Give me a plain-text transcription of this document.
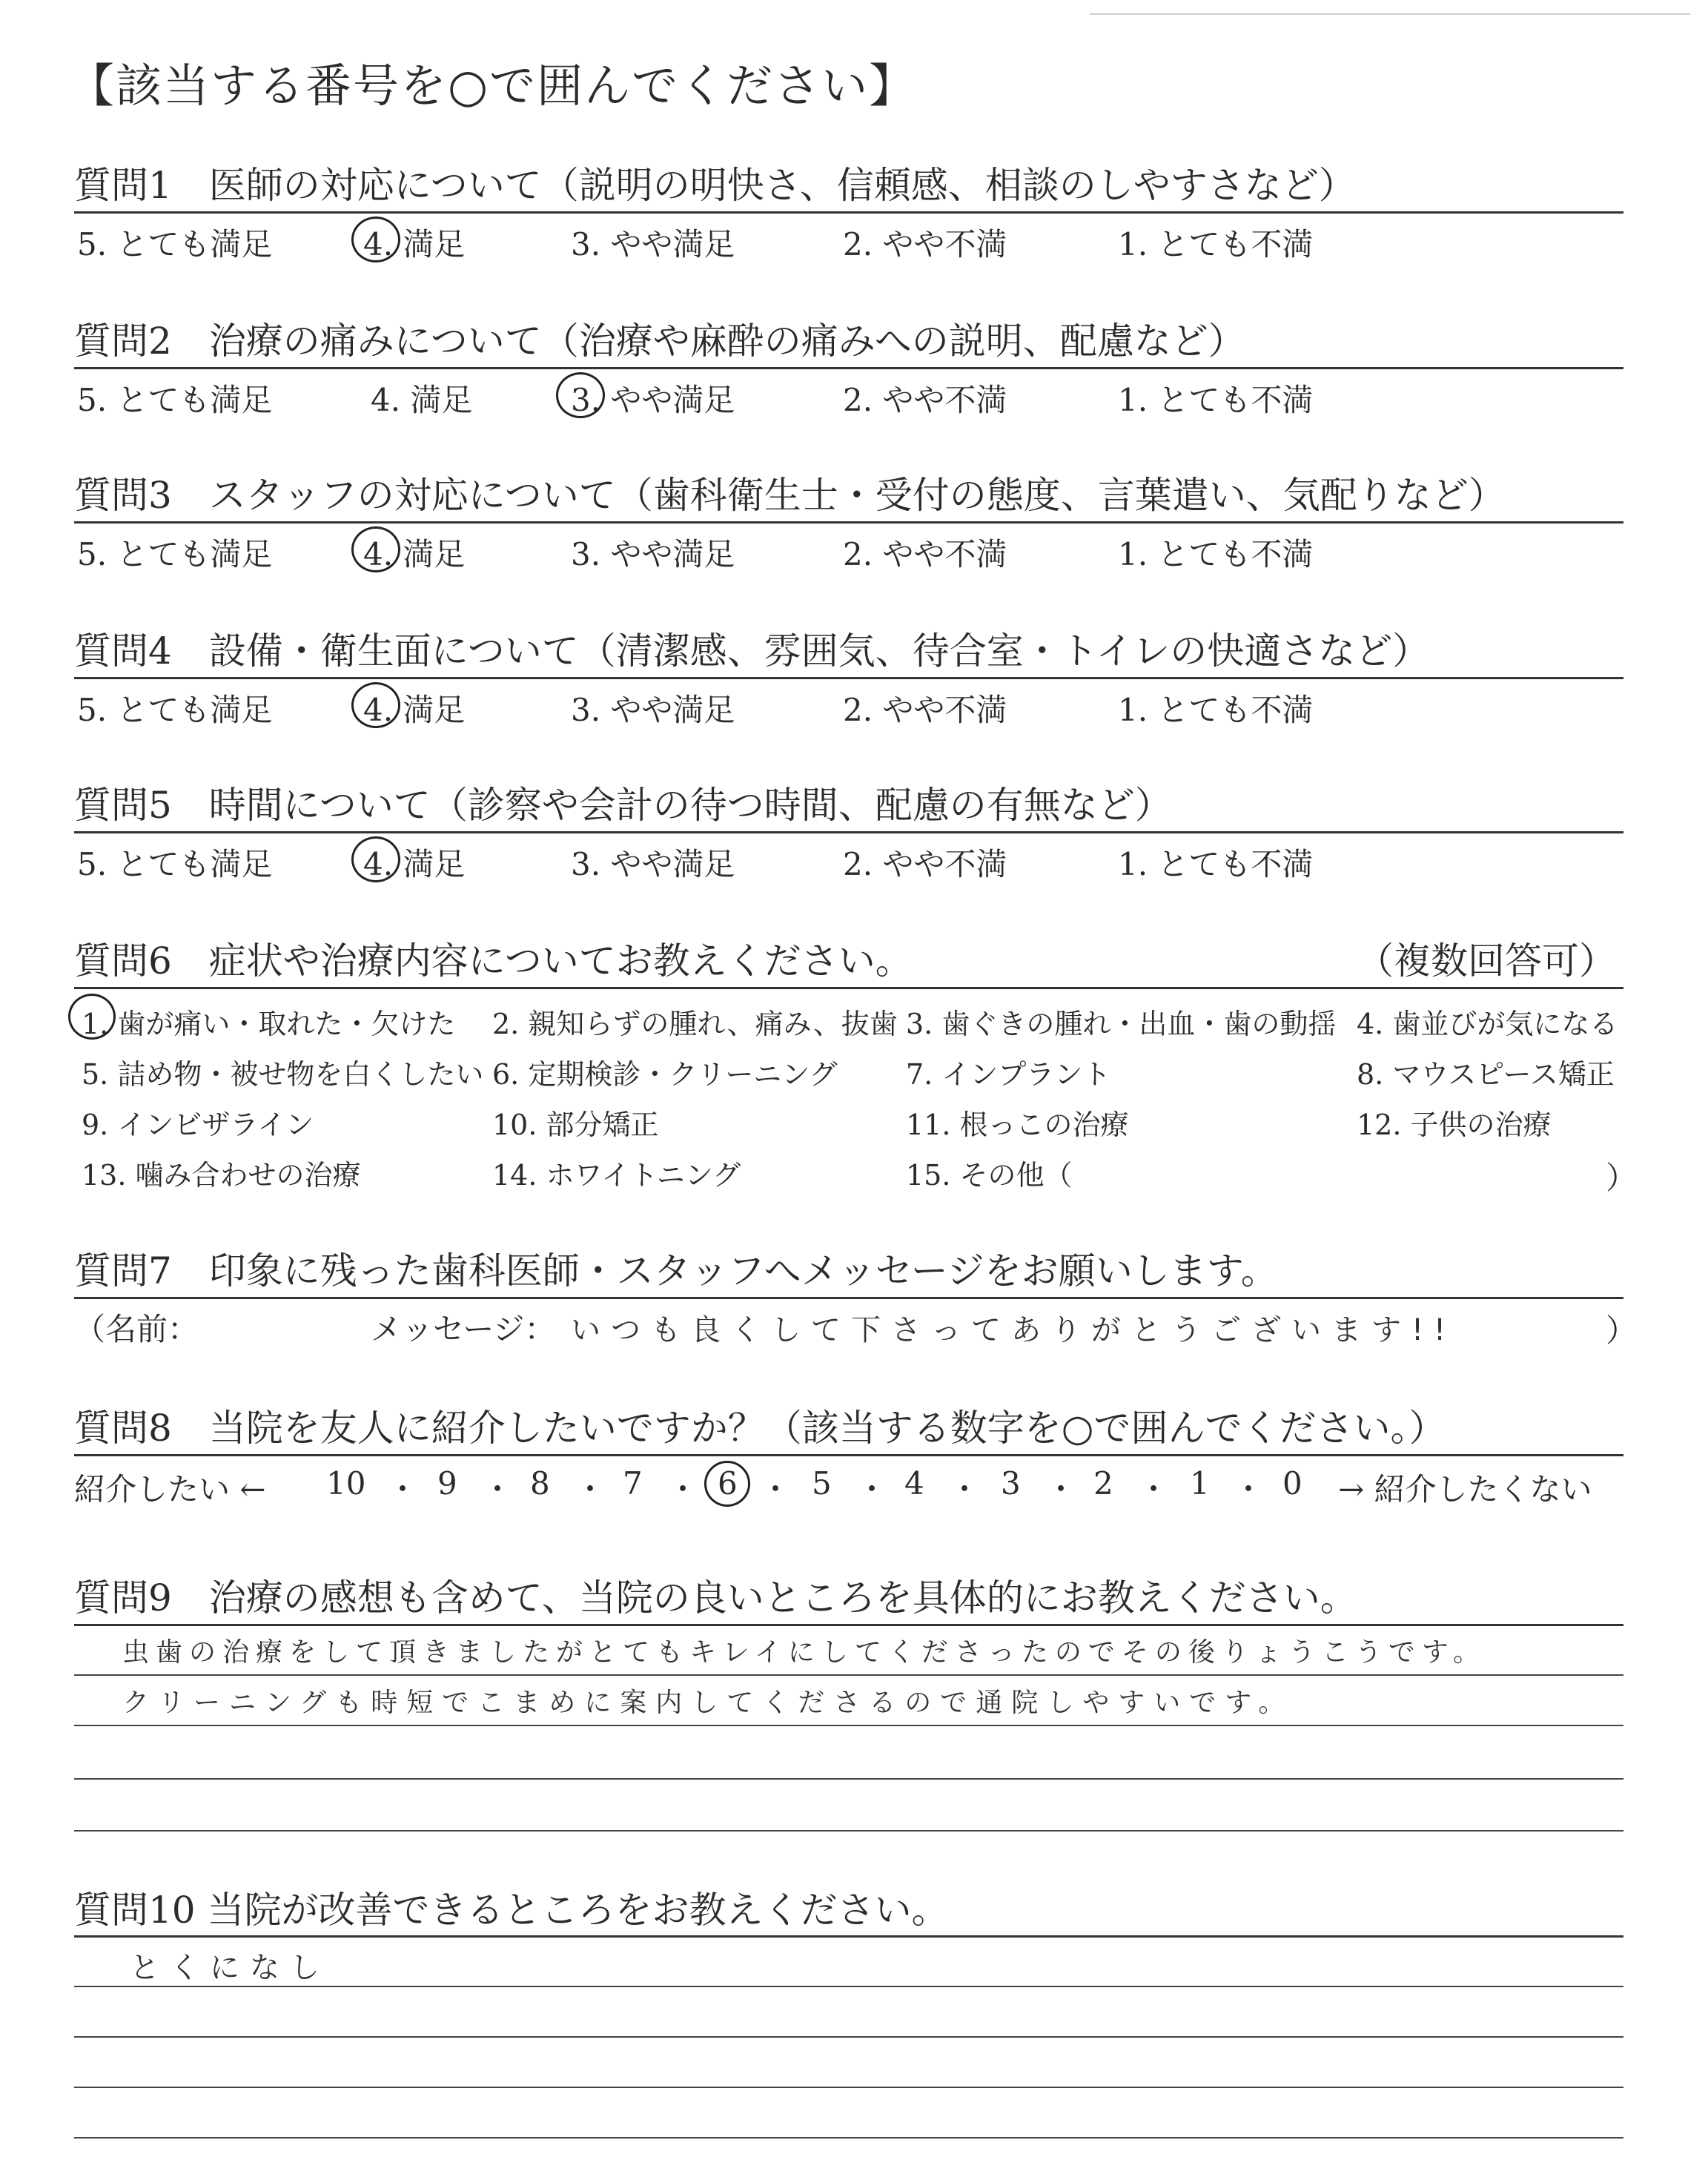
【該当する番号を○で囲んでください】
質問1　医師の対応について（説明の明快さ、信頼感、相談のしやすさなど）
5. とても満足	4. 満足	3. やや満足	2. やや不満	1. とても不満
質問2　治療の痛みについて（治療や麻酔の痛みへの説明、配慮など）
5. とても満足	4. 満足	3. やや満足	2. やや不満	1. とても不満
質問3　スタッフの対応について（歯科衛生士・受付の態度、言葉遣い、気配りなど）
5. とても満足	4. 満足	3. やや満足	2. やや不満	1. とても不満
質問4　設備・衛生面について（清潔感、雰囲気、待合室・トイレの快適さなど）
5. とても満足	4. 満足	3. やや満足	2. やや不満	1. とても不満
質問5　時間について（診察や会計の待つ時間、配慮の有無など）
5. とても満足	4. 満足	3. やや満足	2. やや不満	1. とても不満
質問6　症状や治療内容についてお教えください。	（複数回答可）
1. 歯が痛い・取れた・欠けた 2. 親知らずの腫れ、痛み、抜歯 3. 歯ぐきの腫れ・出血・歯の動揺 4. 歯並びが気になる
5. 詰め物・被せ物を白くしたい 6. 定期検診・クリーニング 7. インプラント	8. マウスピース矯正
9. インビザライン	10. 部分矯正	11. 根っこの治療	12. 子供の治療
13. 噛み合わせの治療	14. ホワイトニング	15. その他（	）
質問7　印象に残った歯科医師・スタッフへメッセージをお願いします。
（名前：	メッセージ： いつも良くして下さってありがとうございます!!	）
質問8　当院を友人に紹介したいですか？（該当する数字を○で囲んでください。）
紹介したい ← 10 ・ 9 ・ 8 ・ 7 ・ 6 ・ 5 ・ 4 ・ 3 ・ 2 ・ 1 ・ 0 → 紹介したくない
質問9　治療の感想も含めて、当院の良いところを具体的にお教えください。
虫歯の治療をして頂きましたがとてもキレイにしてくださったのでその後りょうこうです。
クリーニングも時短でこまめに案内してくださるので通院しやすいです。
質問10 当院が改善できるところをお教えください。
とくになし
